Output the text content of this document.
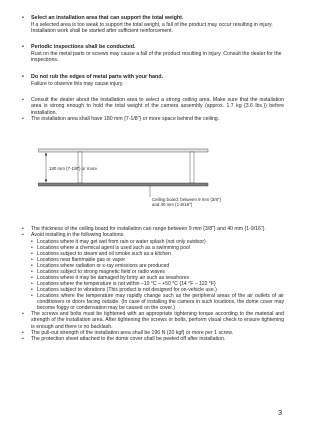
• Select an installation area that can support the total weight.
If a selected area is too weak to support the total weight, a fall of the product may occur resulting in injury. Installation work shall be started after sufficient reinforcement.
• Periodic inspections shall be conducted.
Rust on the metal parts or screws may cause a fall of the product resulting in injury. Consult the dealer for the inspections.
• Do not rub the edges of metal parts with your hand.
Failure to observe this may cause injury.
• Consult the dealer about the installation area to select a strong ceiling area. Make sure that the installation area is strong enough to hold the total weight of the camera assembly (approx. 1.7 kg {3.6 lbs.}) before installation.
• The installation area shall have 180 mm {7-1/8"} or more space behind the ceiling.
180 mm {7-1/8"} or more
Ceiling board: between 9 mm {3/8"}
and 40 mm {1-9/16"}
• The thickness of the ceiling board for installation can range between 9 mm {3/8"} and 40 mm {1-9/16"}.
• Avoid installing in the following locations.
• Locations where it may get wet from rain or water splash (not only outdoor)
• Locations where a chemical agent is used such as a swimming pool
• Locations subject to steam and oil smoke such as a kitchen
• Locations near flammable gas or vapor
• Locations where radiation or x-ray emissions are produced
• Locations subject to strong magnetic field or radio waves
• Locations where it may be damaged by briny air such as seashores
• Locations where the temperature is not within –10 °C – +50 °C {14 °F – 122 °F}
• Locations subject to vibrations (This product is not designed for on-vehicle use.)
• Locations where the temperature may rapidly change such as the peripheral areas of the air outlets of air conditioners or doors facing outside. (In case of installing the camera in such locations, the dome cover may become foggy or condensation may be caused on the cover.)
• The screws and bolts must be tightened with an appropriate tightening torque according to the material and strength of the installation area. After tightening the screws or bolts, perform visual check to ensure tightening is enough and there is no backlash.
• The pull-out strength of the installation area shall be 196 N {20 kgf} or more per 1 screw.
• The protection sheet attached to the dome cover shall be peeled off after installation.
3
